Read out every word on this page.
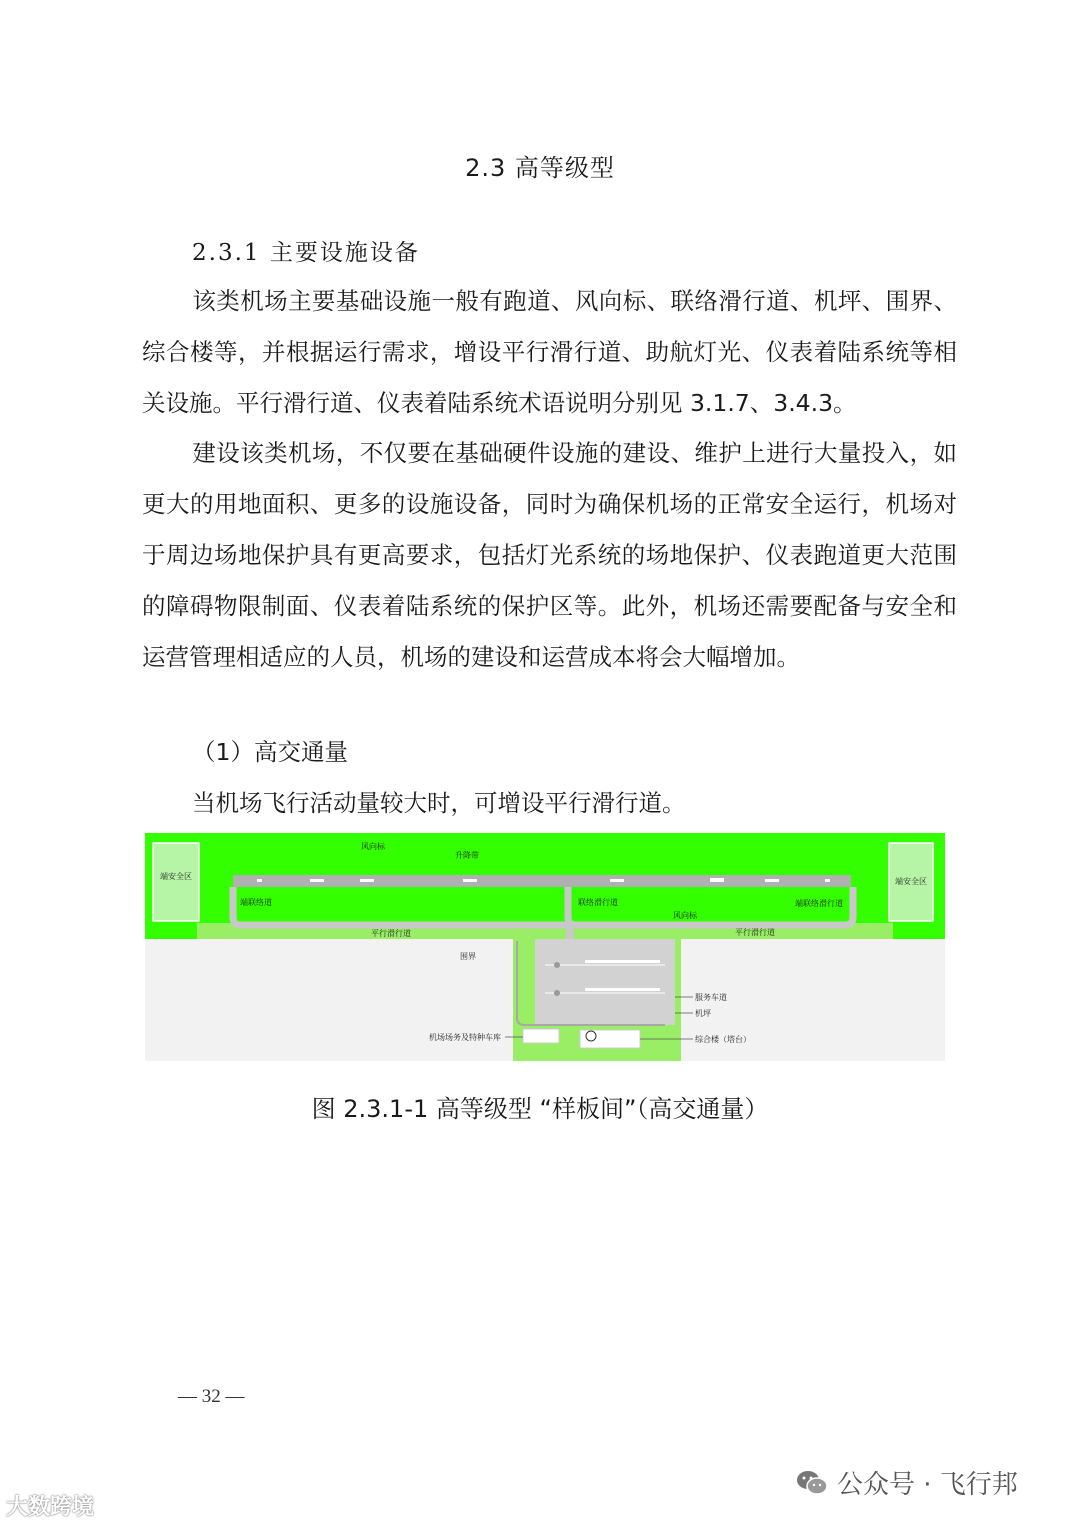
2.3 高等级型
2.3.1 主要设施设备
该类机场主要基础设施一般有跑道、风向标、联络滑行道、机坪、围界、综合楼等，并根据运行需求，增设平行滑行道、助航灯光、仪表着陆系统等相关设施。平行滑行道、仪表着陆系统术语说明分别见 3.1.7、3.4.3。
建设该类机场，不仅要在基础硬件设施的建设、维护上进行大量投入，如更大的用地面积、更多的设施设备，同时为确保机场的正常安全运行，机场对于周边场地保护具有更高要求，包括灯光系统的场地保护、仪表跑道更大范围的障碍物限制面、仪表着陆系统的保护区等。此外，机场还需要配备与安全和运营管理相适应的人员，机场的建设和运营成本将会大幅增加。
（1）高交通量
当机场飞行活动量较大时，可增设平行滑行道。
端安全区
端安全区
风向标
升降带
端联络道	联络滑行道	端联络滑行道
风向标
平行滑行道	平行滑行道
围界
服务车道
机坪
机场场务及特种车库	综合楼（塔台）
图 2.3.1-1 高等级型 “样板间”（高交通量）
— 32 —
大数跨境
公众号 · 飞行邦
